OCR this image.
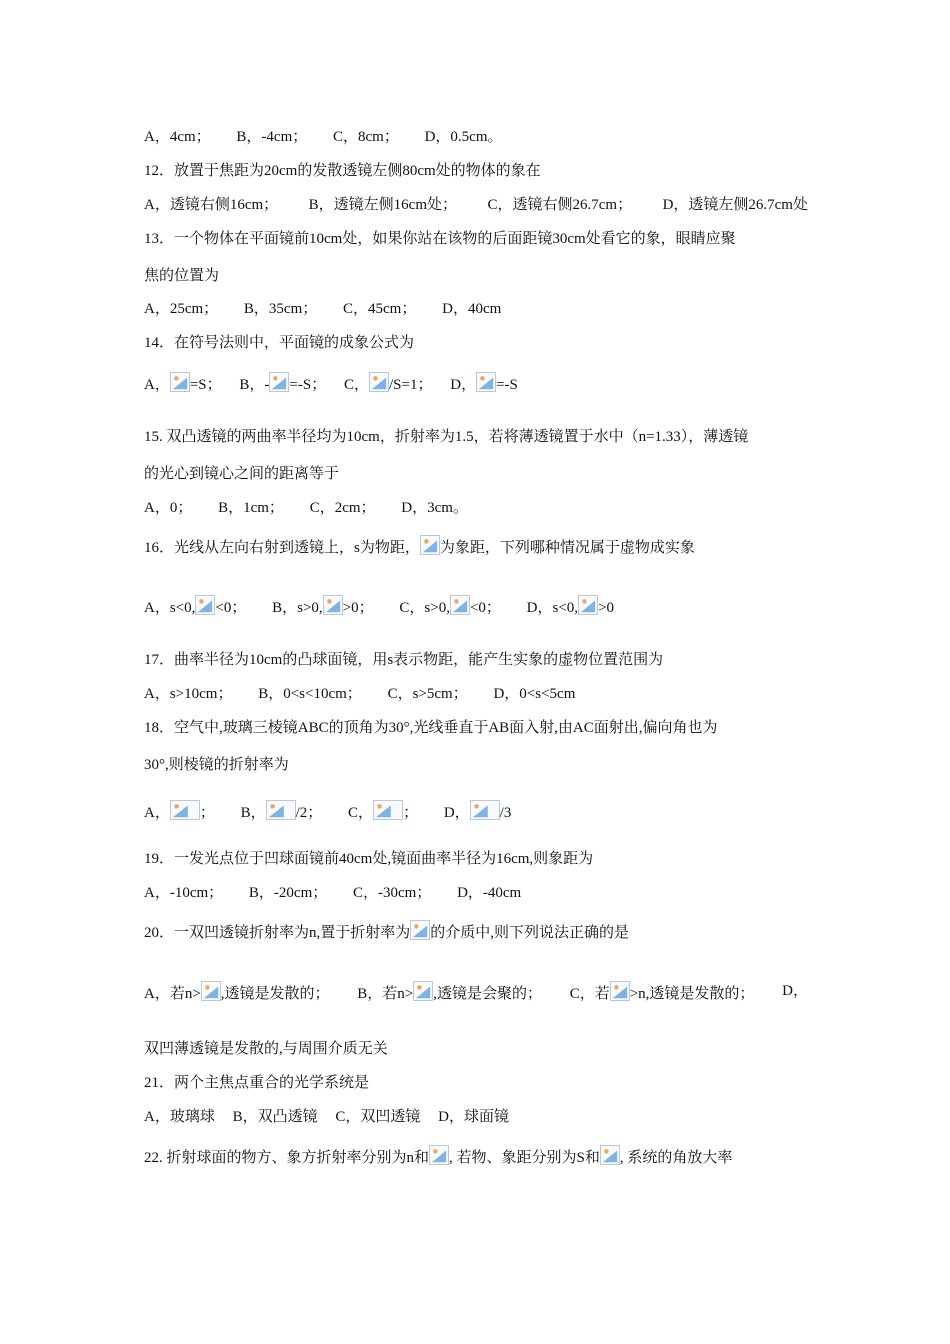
A，4cm； B，-4cm； C，8cm； D，0.5cm。
12．放置于焦距为20cm的发散透镜左侧80cm处的物体的象在
A，透镜右侧16cm； B，透镜左侧16cm处； C，透镜右侧26.7cm； D，透镜左侧26.7cm处
13．一个物体在平面镜前10cm处，如果你站在该物的后面距镜30cm处看它的象，眼睛应聚
焦的位置为
A，25cm； B，35cm； C，45cm； D，40cm
14．在符号法则中，平面镜的成象公式为
A， =S； B，- =-S； C， /S=1； D， =-S
15. 双凸透镜的两曲率半径均为10cm，折射率为1.5，若将薄透镜置于水中（n=1.33），薄透镜
的光心到镜心之间的距离等于
A，0； B，1cm； C，2cm； D，3cm。
16．光线从左向右射到透镜上，s为物距， 为象距，下列哪种情况属于虚物成实象
A，s<0, <0； B，s>0, >0； C，s>0, <0； D，s<0, >0
17．曲率半径为10cm的凸球面镜，用s表示物距，能产生实象的虚物位置范围为
A，s>10cm； B，0<s<10cm； C，s>5cm； D，0<s<5cm
18．空气中,玻璃三棱镜ABC的顶角为30°,光线垂直于AB面入射,由AC面射出,偏向角也为
30°,则棱镜的折射率为
A， ； B， /2； C， ； D， /3
19．一发光点位于凹球面镜前40cm处,镜面曲率半径为16cm,则象距为
A，-10cm； B，-20cm； C，-30cm； D，-40cm
20．一双凹透镜折射率为n,置于折射率为 的介质中,则下列说法正确的是
A，若n> ,透镜是发散的； B，若n> ,透镜是会聚的； C，若 >n,透镜是发散的； D，
双凹薄透镜是发散的,与周围介质无关
21．两个主焦点重合的光学系统是
A，玻璃球 B，双凸透镜 C，双凹透镜 D，球面镜
22. 折射球面的物方、象方折射率分别为n和 , 若物、象距分别为S和 , 系统的角放大率
